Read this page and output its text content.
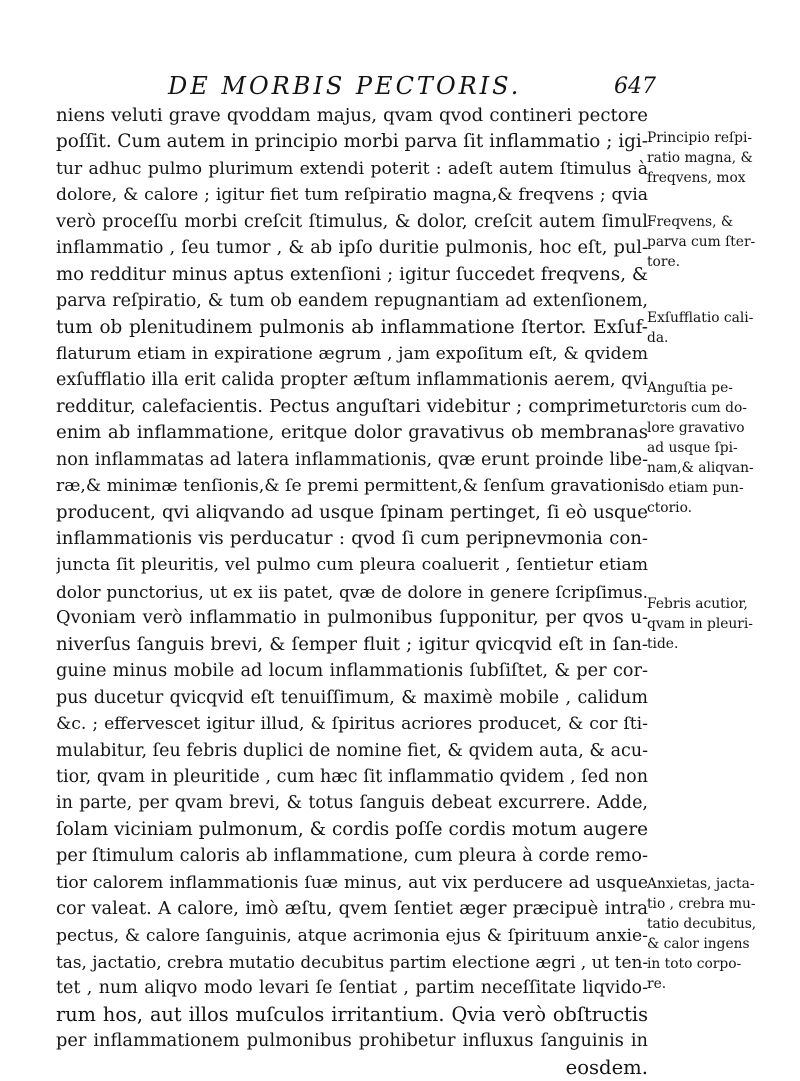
DE MORBIS PECTORIS.	647
niens veluti grave qvoddam majus, qvam qvod contineri pectore
poſſit. Cum autem in principio morbi parva ſit inflammatio ; igi-
tur adhuc pulmo plurimum extendi poterit : adeſt autem ſtimulus à
dolore, & calore ; igitur fiet tum reſpiratio magna,& freqvens ; qvia
verò proceſſu morbi creſcit ſtimulus, & dolor, creſcit autem ſimul
inflammatio , ſeu tumor , & ab ipſo duritie pulmonis, hoc eſt, pul-
mo redditur minus aptus extenſioni ; igitur ſuccedet freqvens, &
parva reſpiratio, & tum ob eandem repugnantiam ad extenſionem,
tum ob plenitudinem pulmonis ab inflammatione ſtertor. Exſuf-
flaturum etiam in expiratione ægrum , jam expoſitum eſt, & qvidem
exſufflatio illa erit calida propter æſtum inflammationis aerem, qvi
redditur, calefacientis. Pectus anguſtari videbitur ; comprimetur
enim ab inflammatione, eritque dolor gravativus ob membranas
non inflammatas ad latera inflammationis, qvæ erunt proinde libe-
ræ,& minimæ tenſionis,& ſe premi permittent,& ſenſum gravationis
producent, qvi aliqvando ad usque ſpinam pertinget, ſi eò usque
inflammationis vis perducatur : qvod ſi cum peripnevmonia con-
juncta ſit pleuritis, vel pulmo cum pleura coaluerit , ſentietur etiam
dolor punctorius, ut ex iis patet, qvæ de dolore in genere ſcripſimus.
Qvoniam verò inflammatio in pulmonibus ſupponitur, per qvos u-
niverſus ſanguis brevi, & ſemper fluit ; igitur qvicqvid eſt in ſan-
guine minus mobile ad locum inflammationis ſubſiſtet, & per cor-
pus ducetur qvicqvid eſt tenuiſſimum, & maximè mobile , calidum
&c. ; effervescet igitur illud, & ſpiritus acriores producet, & cor ſti-
mulabitur, ſeu febris duplici de nomine fiet, & qvidem auta, & acu-
tior, qvam in pleuritide , cum hæc ſit inflammatio qvidem , ſed non
in parte, per qvam brevi, & totus ſanguis debeat excurrere. Adde,
ſolam viciniam pulmonum, & cordis poſſe cordis motum augere
per ſtimulum caloris ab inflammatione, cum pleura à corde remo-
tior calorem inflammationis ſuæ minus, aut vix perducere ad usque
cor valeat. A calore, imò æſtu, qvem ſentiet æger præcipuè intra
pectus, & calore ſanguinis, atque acrimonia ejus & ſpirituum anxie-
tas, jactatio, crebra mutatio decubitus partim electione ægri , ut ten-
tet , num aliqvo modo levari ſe ſentiat , partim neceſſitate liqvido-
rum hos, aut illos muſculos irritantium. Qvia verò obſtructis
per inflammationem pulmonibus prohibetur influxus ſanguinis in
eosdem.
Principio reſpi-
ratio magna, &
freqvens, mox
Freqvens, &
parva cum ſter-
tore.
Exſufflatio cali-
da.
Anguſtia pe-
ctoris cum do-
lore gravativo
ad usque ſpi-
nam,& aliqvan-
do etiam pun-
ctorio.
Febris acutior,
qvam in pleuri-
tide.
Anxietas, jacta-
tio , crebra mu-
tatio decubitus,
& calor ingens
in toto corpo-
re.
